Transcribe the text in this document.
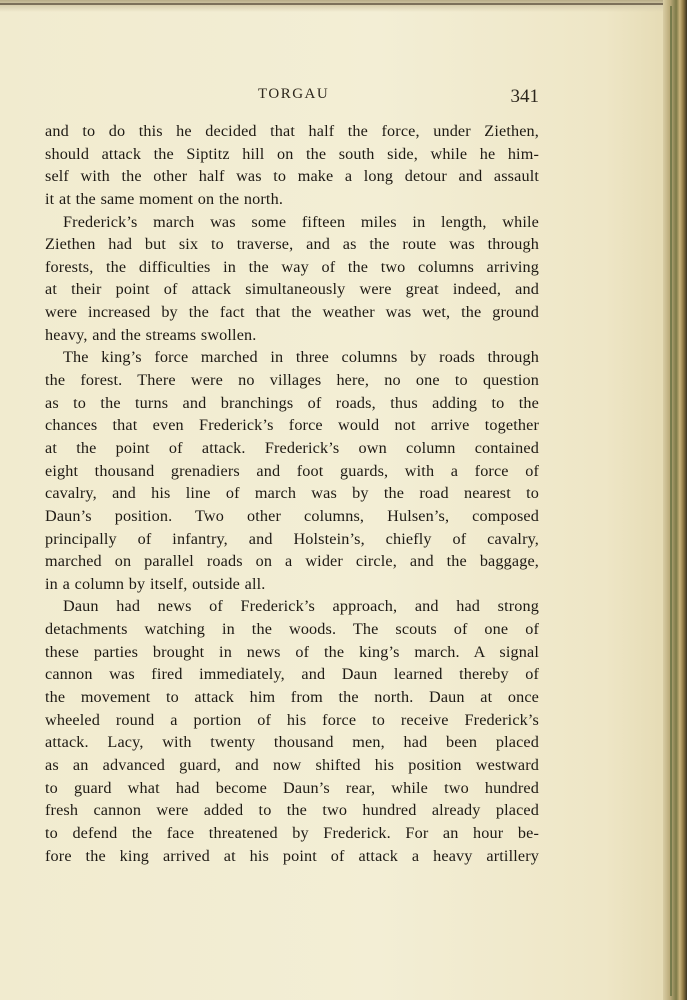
TORGAU	341
and to do this he decided that half the force, under Ziethen,
should attack the Siptitz hill on the south side, while he him-
self with the other half was to make a long detour and assault
it at the same moment on the north.
Frederick’s march was some fifteen miles in length, while
Ziethen had but six to traverse, and as the route was through
forests, the difficulties in the way of the two columns arriving
at their point of attack simultaneously were great indeed, and
were increased by the fact that the weather was wet, the ground
heavy, and the streams swollen.
The king’s force marched in three columns by roads through
the forest. There were no villages here, no one to question
as to the turns and branchings of roads, thus adding to the
chances that even Frederick’s force would not arrive together
at the point of attack. Frederick’s own column contained
eight thousand grenadiers and foot guards, with a force of
cavalry, and his line of march was by the road nearest to
Daun’s position. Two other columns, Hulsen’s, composed
principally of infantry, and Holstein’s, chiefly of cavalry,
marched on parallel roads on a wider circle, and the baggage,
in a column by itself, outside all.
Daun had news of Frederick’s approach, and had strong
detachments watching in the woods. The scouts of one of
these parties brought in news of the king’s march. A signal
cannon was fired immediately, and Daun learned thereby of
the movement to attack him from the north. Daun at once
wheeled round a portion of his force to receive Frederick’s
attack. Lacy, with twenty thousand men, had been placed
as an advanced guard, and now shifted his position westward
to guard what had become Daun’s rear, while two hundred
fresh cannon were added to the two hundred already placed
to defend the face threatened by Frederick. For an hour be-
fore the king arrived at his point of attack a heavy artillery
